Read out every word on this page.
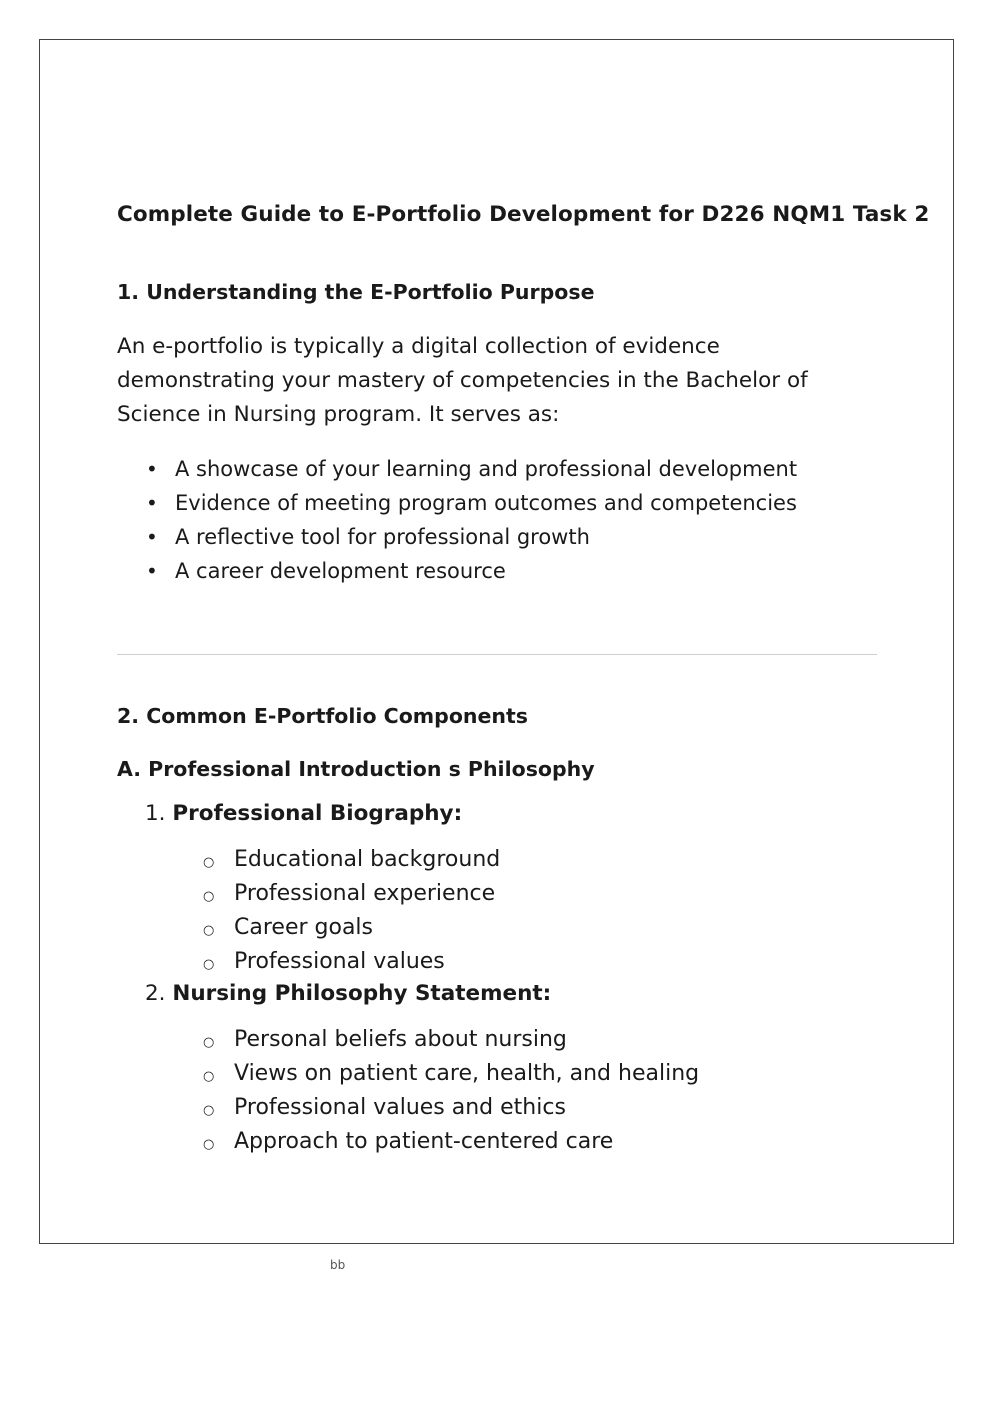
Complete Guide to E-Portfolio Development for D226 NQM1 Task 2
1. Understanding the E-Portfolio Purpose

An e-portfolio is typically a digital collection of evidence demonstrating your mastery of competencies in the Bachelor of Science in Nursing program. It serves as:

• A showcase of your learning and professional development
• Evidence of meeting program outcomes and competencies
• A reflective tool for professional growth
• A career development resource
2. Common E-Portfolio Components
A. Professional Introduction s Philosophy
1. Professional Biography:
○ Educational background
○ Professional experience
○ Career goals
○ Professional values
2. Nursing Philosophy Statement:
○ Personal beliefs about nursing
○ Views on patient care, health, and healing
○ Professional values and ethics
○ Approach to patient-centered care
bb
